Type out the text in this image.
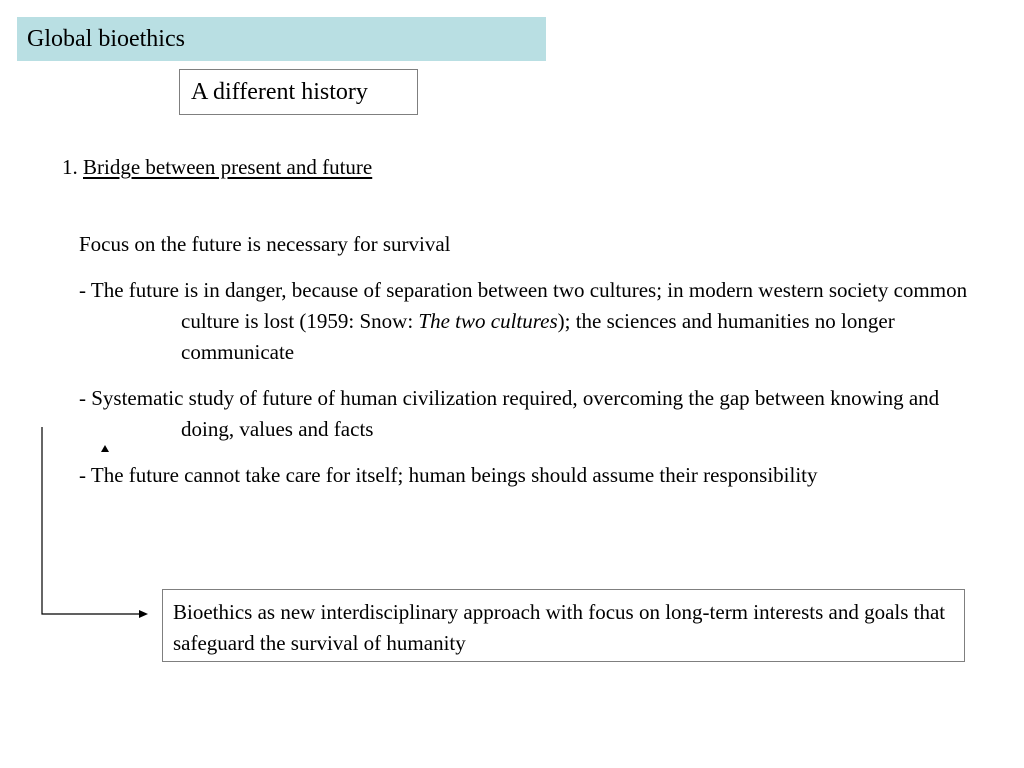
Global bioethics
A different history
1. Bridge between present and future

Focus on the future is necessary for survival

- The future is in danger, because of separation between two cultures; in modern western society common culture is lost (1959: Snow: The two cultures); the sciences and humanities no longer communicate

- Systematic study of future of human civilization required, overcoming the gap between knowing and doing, values and facts

- The future cannot take care for itself; human beings should assume their responsibility

Bioethics as new interdisciplinary approach with focus on long-term interests and goals that safeguard the survival of humanity
